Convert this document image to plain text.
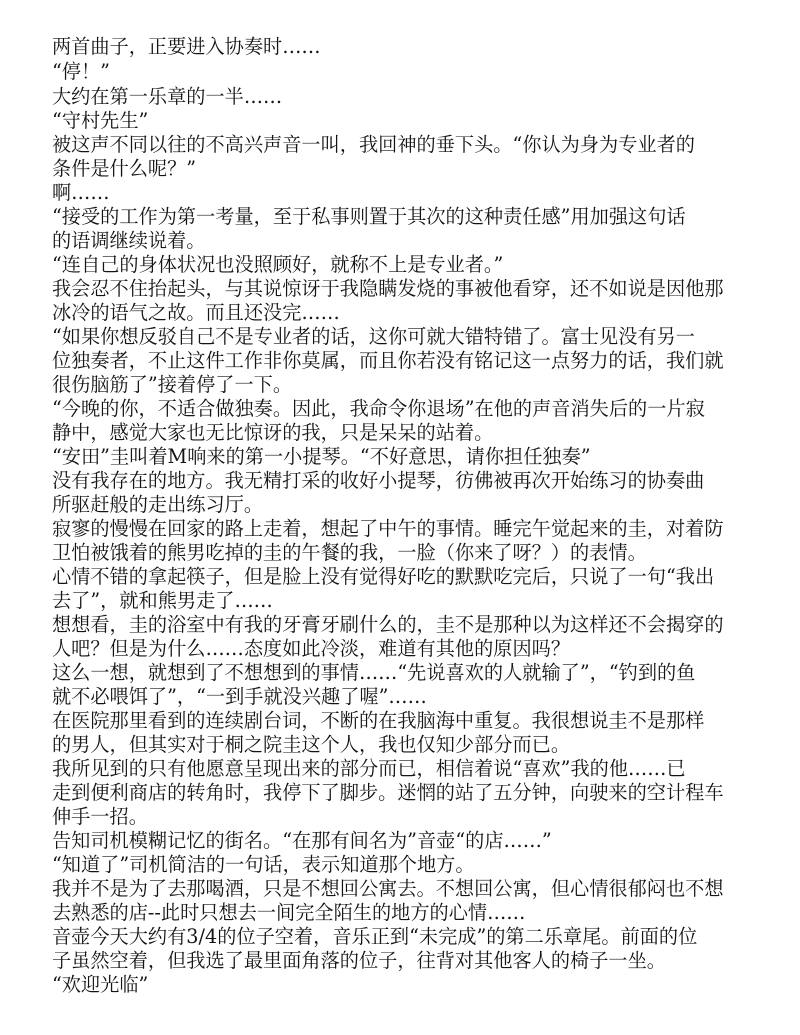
两首曲子，正要进入协奏时……
“停！”
大约在第一乐章的一半……
“守村先生”
被这声不同以往的不高兴声音一叫，我回神的垂下头。“你认为身为专业者的
条件是什么呢？”
啊……
“接受的工作为第一考量，至于私事则置于其次的这种责任感”用加强这句话
的语调继续说着。
“连自己的身体状况也没照顾好，就称不上是专业者。”
我会忍不住抬起头，与其说惊讶于我隐瞒发烧的事被他看穿，还不如说是因他那
冰冷的语气之故。而且还没完……
“如果你想反驳自己不是专业者的话，这你可就大错特错了。富士见没有另一
位独奏者，不止这件工作非你莫属，而且你若没有铭记这一点努力的话，我们就
很伤脑筋了”接着停了一下。
“今晚的你，不适合做独奏。因此，我命令你退场”在他的声音消失后的一片寂
静中，感觉大家也无比惊讶的我，只是呆呆的站着。
“安田”圭叫着M响来的第一小提琴。“不好意思，请你担任独奏”
没有我存在的地方。我无精打采的收好小提琴，彷佛被再次开始练习的协奏曲
所驱赶般的走出练习厅。
寂寥的慢慢在回家的路上走着，想起了中午的事情。睡完午觉起来的圭，对着防
卫怕被饿着的熊男吃掉的圭的午餐的我，一脸（你来了呀？）的表情。
心情不错的拿起筷子，但是脸上没有觉得好吃的默默吃完后，只说了一句“我出
去了”，就和熊男走了……
想想看，圭的浴室中有我的牙膏牙刷什么的，圭不是那种以为这样还不会揭穿的
人吧？但是为什么……态度如此冷淡，难道有其他的原因吗？
这么一想，就想到了不想想到的事情……“先说喜欢的人就输了”，“钓到的鱼
就不必喂饵了”，“一到手就没兴趣了喔”……
在医院那里看到的连续剧台词，不断的在我脑海中重复。我很想说圭不是那样
的男人，但其实对于桐之院圭这个人，我也仅知少部分而已。
我所见到的只有他愿意呈现出来的部分而已，相信着说“喜欢”我的他……已
走到便利商店的转角时，我停下了脚步。迷惘的站了五分钟，向驶来的空计程车
伸手一招。
告知司机模糊记忆的街名。“在那有间名为”音壶“的店……”
“知道了”司机简洁的一句话，表示知道那个地方。
我并不是为了去那喝酒，只是不想回公寓去。不想回公寓，但心情很郁闷也不想
去熟悉的店--此时只想去一间完全陌生的地方的心情……
音壶今天大约有3/4的位子空着，音乐正到“未完成”的第二乐章尾。前面的位
子虽然空着，但我选了最里面角落的位子，往背对其他客人的椅子一坐。
“欢迎光临”
